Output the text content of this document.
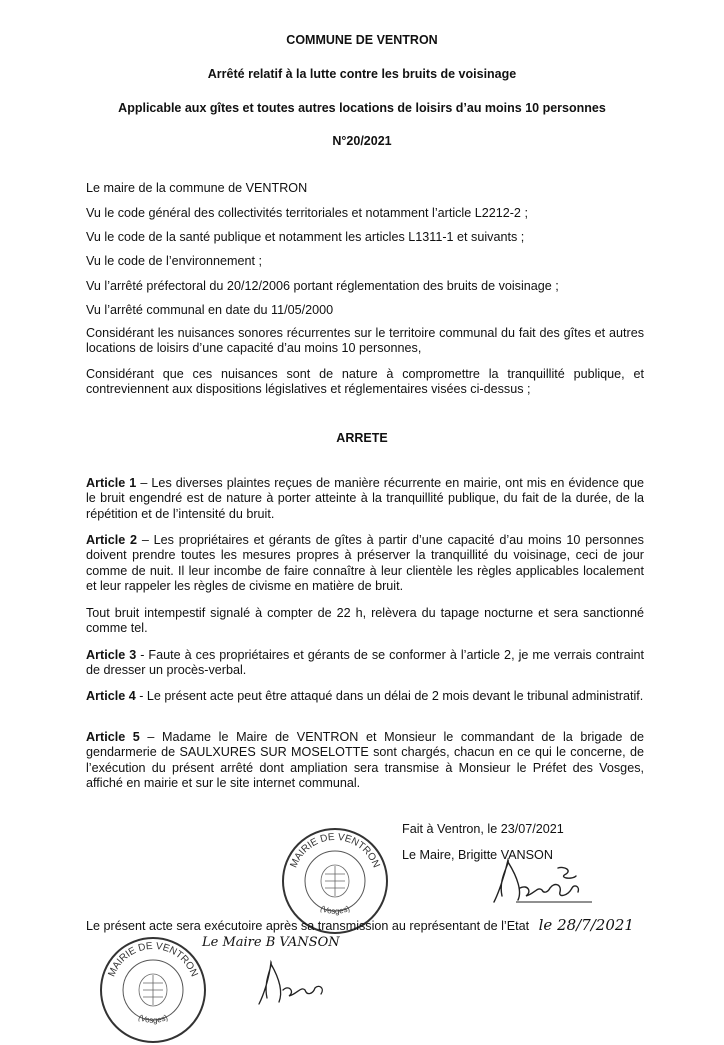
COMMUNE DE VENTRON
Arrêté relatif à la lutte contre les bruits de voisinage
Applicable aux gîtes et toutes autres locations de loisirs d’au moins 10 personnes
N°20/2021
Le maire de la commune de VENTRON
Vu le code général des collectivités territoriales et notamment l’article L2212-2 ;
Vu le code de la santé publique et notamment les articles L1311-1 et suivants ;
Vu le code de l’environnement ;
Vu l’arrêté préfectoral du 20/12/2006 portant réglementation des bruits de voisinage ;
Vu l’arrêté communal en date du 11/05/2000
Considérant les nuisances sonores récurrentes sur le territoire communal du fait des gîtes et autres locations de loisirs d’une capacité d’au moins 10 personnes,
Considérant que ces nuisances sont de nature à compromettre la tranquillité publique, et contreviennent aux dispositions législatives et réglementaires visées ci-dessus ;
ARRETE
Article 1 – Les diverses plaintes reçues de manière récurrente en mairie, ont mis en évidence que le bruit engendré est de nature à porter atteinte à la tranquillité publique, du fait de la durée, de la répétition et de l’intensité du bruit.
Article 2 – Les propriétaires et gérants de gîtes à partir d’une capacité d’au moins 10 personnes doivent prendre toutes les mesures propres à préserver la tranquillité du voisinage, ceci de jour comme de nuit. Il leur incombe de faire connaître à leur clientèle les règles applicables localement et leur rappeler les règles de civisme en matière de bruit.
Tout bruit intempestif signalé à compter de 22 h, relèvera du tapage nocturne et sera sanctionné comme tel.
Article 3 - Faute à ces propriétaires et gérants de se conformer à l’article 2, je me verrais contraint de dresser un procès-verbal.
Article 4 - Le présent acte peut être attaqué dans un délai de 2 mois devant le tribunal administratif.
Article 5 – Madame le Maire de VENTRON et Monsieur le commandant de la brigade de gendarmerie de SAULXURES SUR MOSELOTTE sont chargés, chacun en ce qui le concerne, de l’exécution du présent arrêté dont ampliation sera transmise à Monsieur le Préfet des Vosges, affiché en mairie et sur le site internet communal.
Fait à Ventron, le 23/07/2021
Le Maire, Brigitte VANSON
MAIRIE DE VENTRON
(Vosges)
Le présent acte sera exécutoire après sa transmission au représentant de l’Etat le 28/7/2021
Le Maire B VANSON
MAIRIE DE VENTRON
(Vosges)
